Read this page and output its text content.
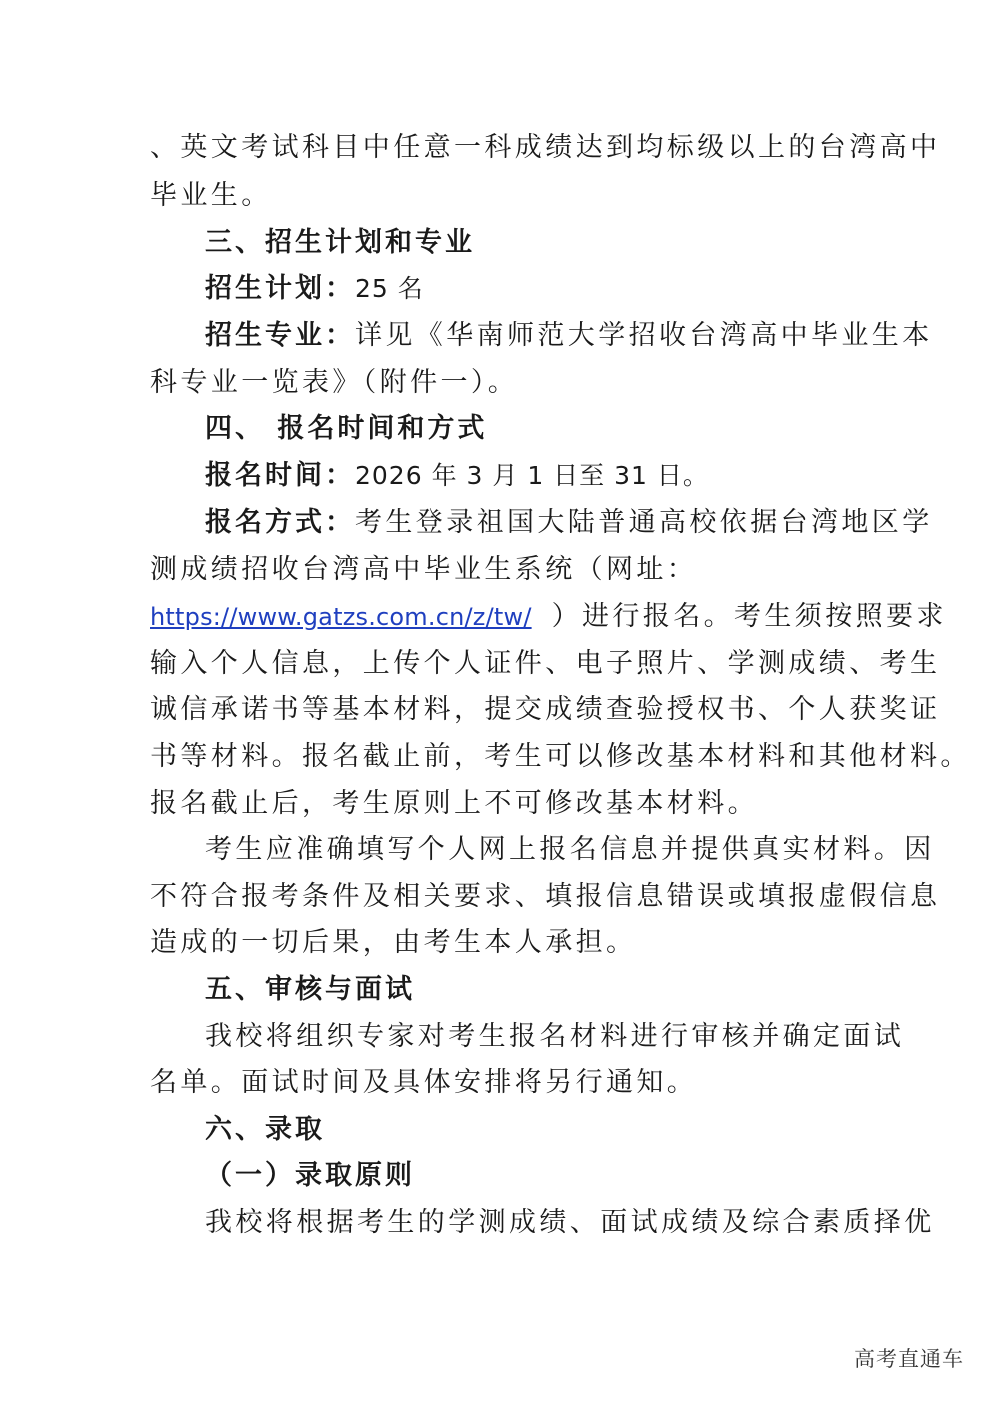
、英文考试科目中任意一科成绩达到均标级以上的台湾高中
毕业生。
三、招生计划和专业
招生计划：25 名
招生专业：详见《华南师范大学招收台湾高中毕业生本
科专业一览表》（附件一）。
四、 报名时间和方式
报名时间：2026 年 3 月 1 日至 31 日。
报名方式：考生登录祖国大陆普通高校依据台湾地区学
测成绩招收台湾高中毕业生系统（网址：
https://www.gatzs.com.cn/z/tw/ ）进行报名。考生须按照要求
输入个人信息，上传个人证件、电子照片、学测成绩、考生
诚信承诺书等基本材料，提交成绩查验授权书、个人获奖证
书等材料。报名截止前，考生可以修改基本材料和其他材料。
报名截止后，考生原则上不可修改基本材料。
考生应准确填写个人网上报名信息并提供真实材料。因
不符合报考条件及相关要求、填报信息错误或填报虚假信息
造成的一切后果，由考生本人承担。
五、审核与面试
我校将组织专家对考生报名材料进行审核并确定面试
名单。面试时间及具体安排将另行通知。
六、录取
（一）录取原则
我校将根据考生的学测成绩、面试成绩及综合素质择优
高考直通车
